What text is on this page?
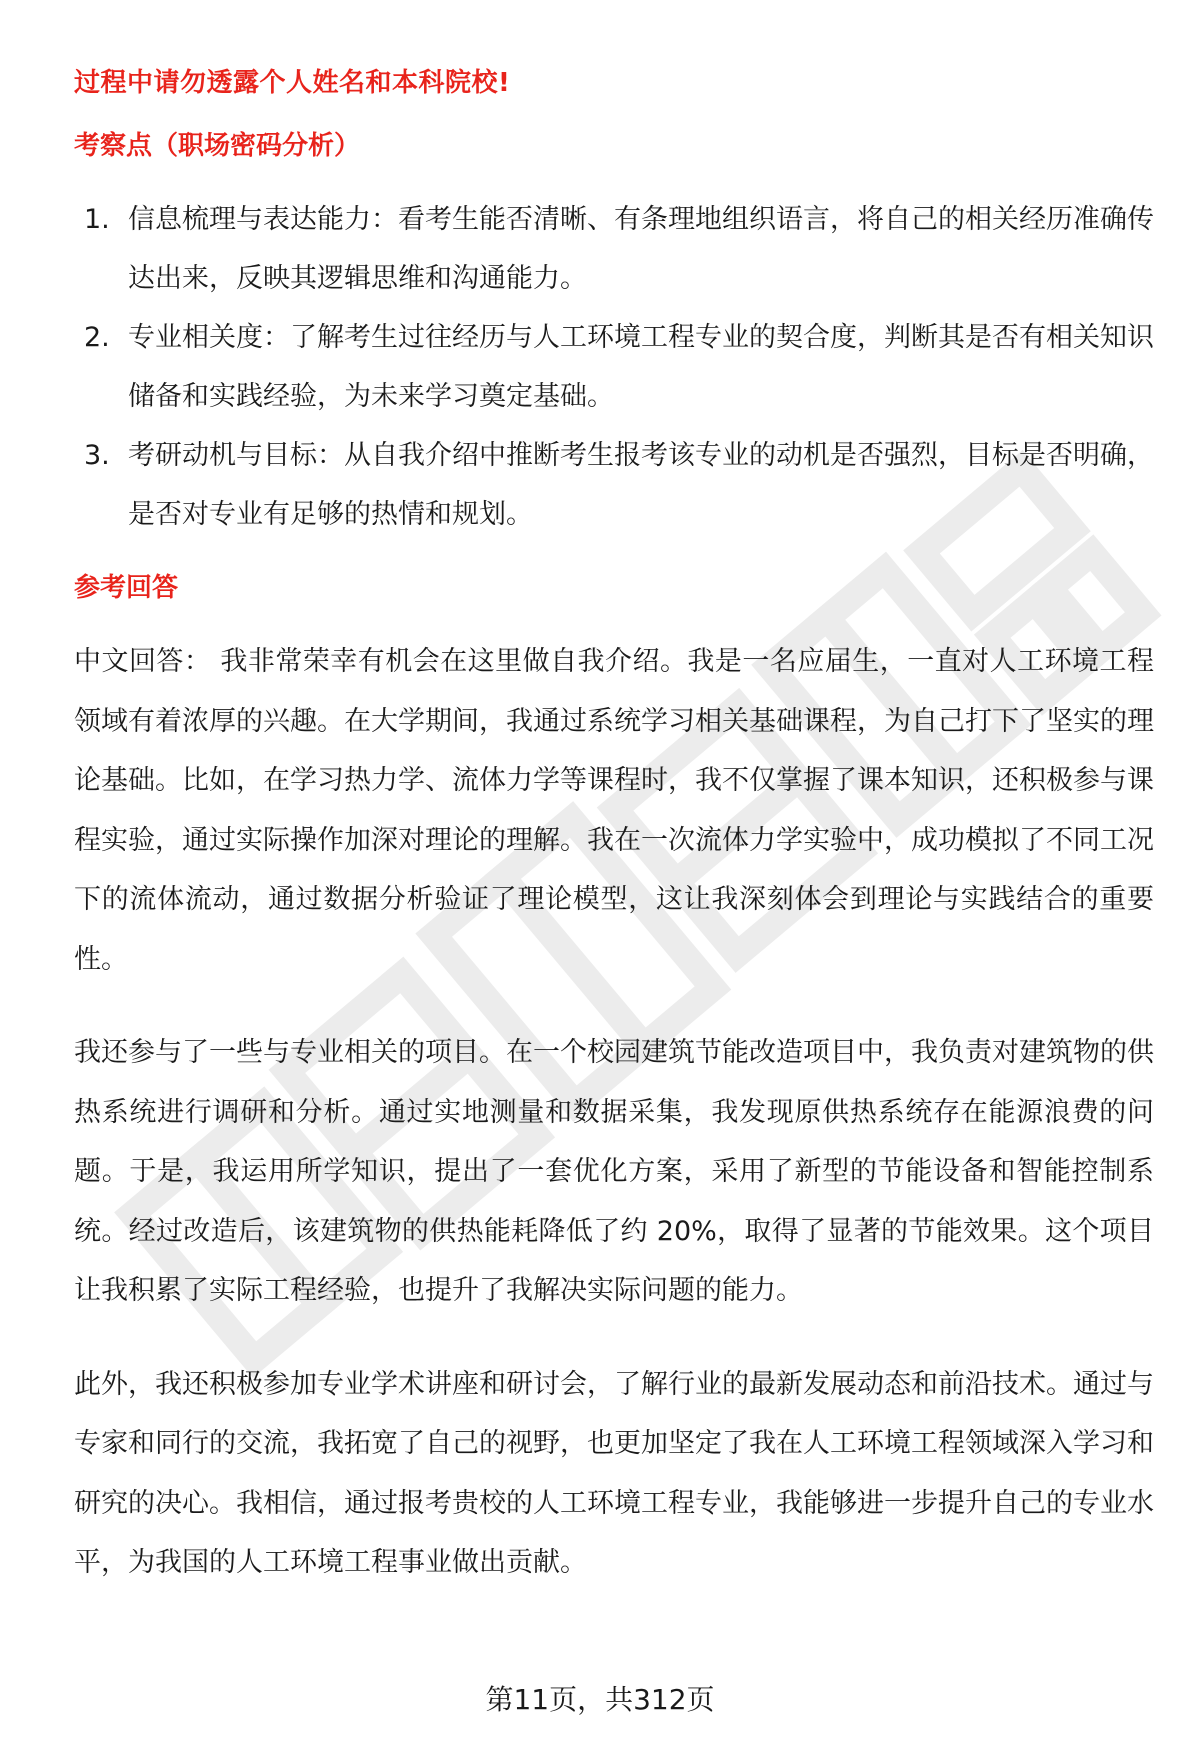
过程中请勿透露个人姓名和本科院校!
考察点（职场密码分析）
1. 信息梳理与表达能力：看考生能否清晰、有条理地组织语言，将自己的相关经历准确传达出来，反映其逻辑思维和沟通能力。
2. 专业相关度：了解考生过往经历与人工环境工程专业的契合度，判断其是否有相关知识储备和实践经验，为未来学习奠定基础。
3. 考研动机与目标：从自我介绍中推断考生报考该专业的动机是否强烈，目标是否明确，是否对专业有足够的热情和规划。
参考回答

中文回答： 我非常荣幸有机会在这里做自我介绍。我是一名应届生，一直对人工环境工程领域有着浓厚的兴趣。在大学期间，我通过系统学习相关基础课程，为自己打下了坚实的理论基础。比如，在学习热力学、流体力学等课程时，我不仅掌握了课本知识，还积极参与课程实验，通过实际操作加深对理论的理解。我在一次流体力学实验中，成功模拟了不同工况下的流体流动，通过数据分析验证了理论模型，这让我深刻体会到理论与实践结合的重要性。

我还参与了一些与专业相关的项目。在一个校园建筑节能改造项目中，我负责对建筑物的供热系统进行调研和分析。通过实地测量和数据采集，我发现原供热系统存在能源浪费的问题。于是，我运用所学知识，提出了一套优化方案，采用了新型的节能设备和智能控制系统。经过改造后，该建筑物的供热能耗降低了约 20%，取得了显著的节能效果。这个项目让我积累了实际工程经验，也提升了我解决实际问题的能力。

此外，我还积极参加专业学术讲座和研讨会，了解行业的最新发展动态和前沿技术。通过与专家和同行的交流，我拓宽了自己的视野，也更加坚定了我在人工环境工程领域深入学习和研究的决心。我相信，通过报考贵校的人工环境工程专业，我能够进一步提升自己的专业水平，为我国的人工环境工程事业做出贡献。

第11页，共312页
